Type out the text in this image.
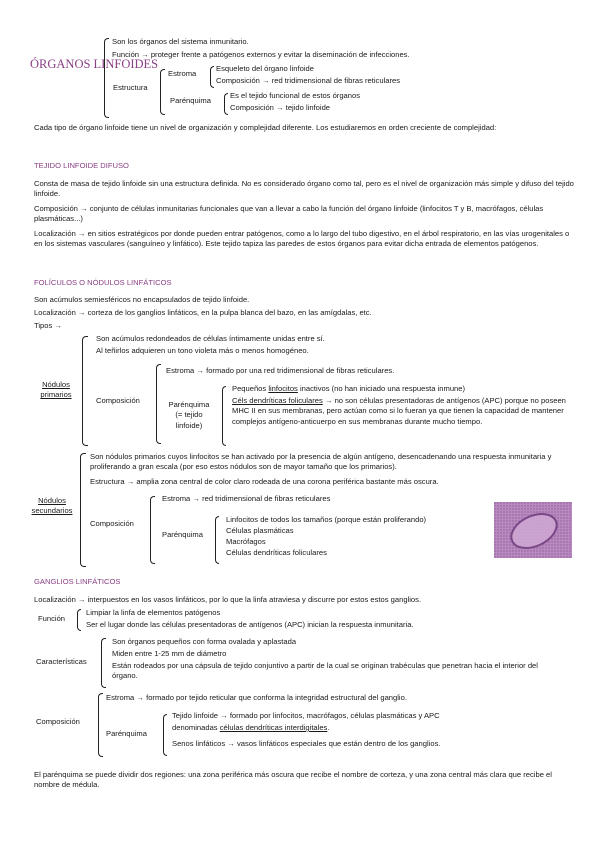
ÓRGANOS LINFOIDES
Son los órganos del sistema inmunitario.
Función → proteger frente a patógenos externos y evitar la diseminación de infecciones.
Estructura
Estroma
Esqueleto del órgano linfoide
Composición → red tridimensional de fibras reticulares
Parénquima
Es el tejido funcional de estos órganos
Composición → tejido linfoide
Cada tipo de órgano linfoide tiene un nivel de organización y complejidad diferente. Los estudiaremos en orden creciente de complejidad:
TEJIDO LINFOIDE DIFUSO
Consta de masa de tejido linfoide sin una estructura definida. No es considerado órgano como tal, pero es el nivel de organización más simple y difuso del tejido linfoide.
Composición → conjunto de células inmunitarias funcionales que van a llevar a cabo la función del órgano linfoide (linfocitos T y B, macrófagos, células plasmáticas...)
Localización → en sitios estratégicos por donde pueden entrar patógenos, como a lo largo del tubo digestivo, en el árbol respiratorio, en las vías urogenitales o en los sistemas vasculares (sanguíneo y linfático). Este tejido tapiza las paredes de estos órganos para evitar dicha entrada de elementos patógenos.
FOLÍCULOS O NÓDULOS LINFÁTICOS
Son acúmulos semiesféricos no encapsulados de tejido linfoide.
Localización → corteza de los ganglios linfáticos, en la pulpa blanca del bazo, en las amígdalas, etc.
Tipos →
Nódulos primarios
Son acúmulos redondeados de células íntimamente unidas entre sí.
Al teñirlos adquieren un tono violeta más o menos homogéneo.
Composición
Estroma → formado por una red tridimensional de fibras reticulares.
Parénquima (= tejido linfoide)
Pequeños linfocitos inactivos (no han iniciado una respuesta inmune)
Céls dendríticas foliculares → no son células presentadoras de antígenos (APC) porque no poseen MHC II en sus membranas, pero actúan como si lo fueran ya que tienen la capacidad de mantener complejos antígeno-anticuerpo en sus membranas durante mucho tiempo.
Nódulos secundarios
Son nódulos primarios cuyos linfocitos se han activado por la presencia de algún antígeno, desencadenando una respuesta inmunitaria y proliferando a gran escala (por eso estos nódulos son de mayor tamaño que los primarios).
Estructura → amplia zona central de color claro rodeada de una corona periférica bastante más oscura.
Composición
Estroma → red tridimensional de fibras reticulares
Parénquima
Linfocitos de todos los tamaños (porque están proliferando)
Células plasmáticas
Macrófagos
Células dendríticas foliculares
GANGLIOS LINFÁTICOS
Localización → interpuestos en los vasos linfáticos, por lo que la linfa atraviesa y discurre por estos estos ganglios.
Función
Limpiar la linfa de elementos patógenos
Ser el lugar donde las células presentadoras de antígenos (APC) inician la respuesta inmunitaria.
Características
Son órganos pequeños con forma ovalada y aplastada
Miden entre 1-25 mm de diámetro
Están rodeados por una cápsula de tejido conjuntivo a partir de la cual se originan trabéculas que penetran hacia el interior del órgano.
Composición
Estroma → formado por tejido reticular que conforma la integridad estructural del ganglio.
Parénquima
Tejido linfoide → formado por linfocitos, macrófagos, células plasmáticas y APC
denominadas células dendríticas interdigitales.
Senos linfáticos → vasos linfáticos especiales que están dentro de los ganglios.
El parénquima se puede dividir dos regiones: una zona periférica más oscura que recibe el nombre de corteza, y una zona central más clara que recibe el nombre de médula.
